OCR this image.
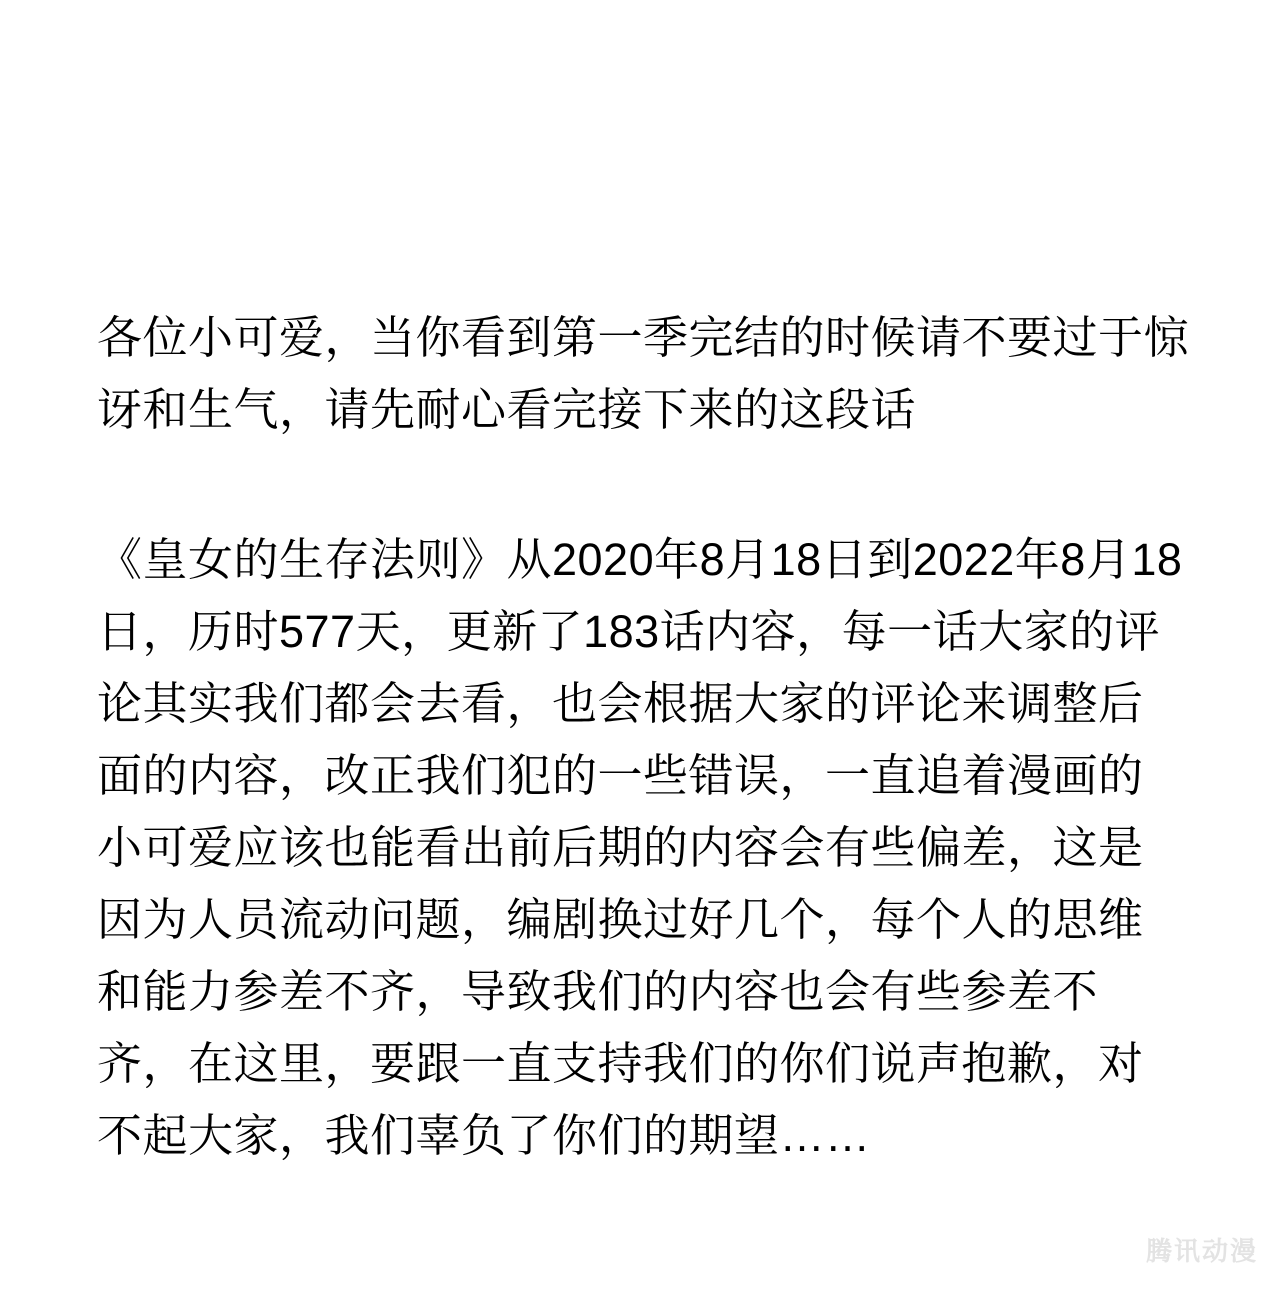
各位小可爱，当你看到第一季完结的时候请不要过于惊讶和生气，请先耐心看完接下来的这段话

《皇女的生存法则》从2020年8月18日到2022年8月18日，历时577天，更新了183话内容，每一话大家的评论其实我们都会去看，也会根据大家的评论来调整后面的内容，改正我们犯的一些错误，一直追着漫画的小可爱应该也能看出前后期的内容会有些偏差，这是因为人员流动问题，编剧换过好几个，每个人的思维和能力参差不齐，导致我们的内容也会有些参差不齐，在这里，要跟一直支持我们的你们说声抱歉，对不起大家，我们辜负了你们的期望……

腾讯动漫
